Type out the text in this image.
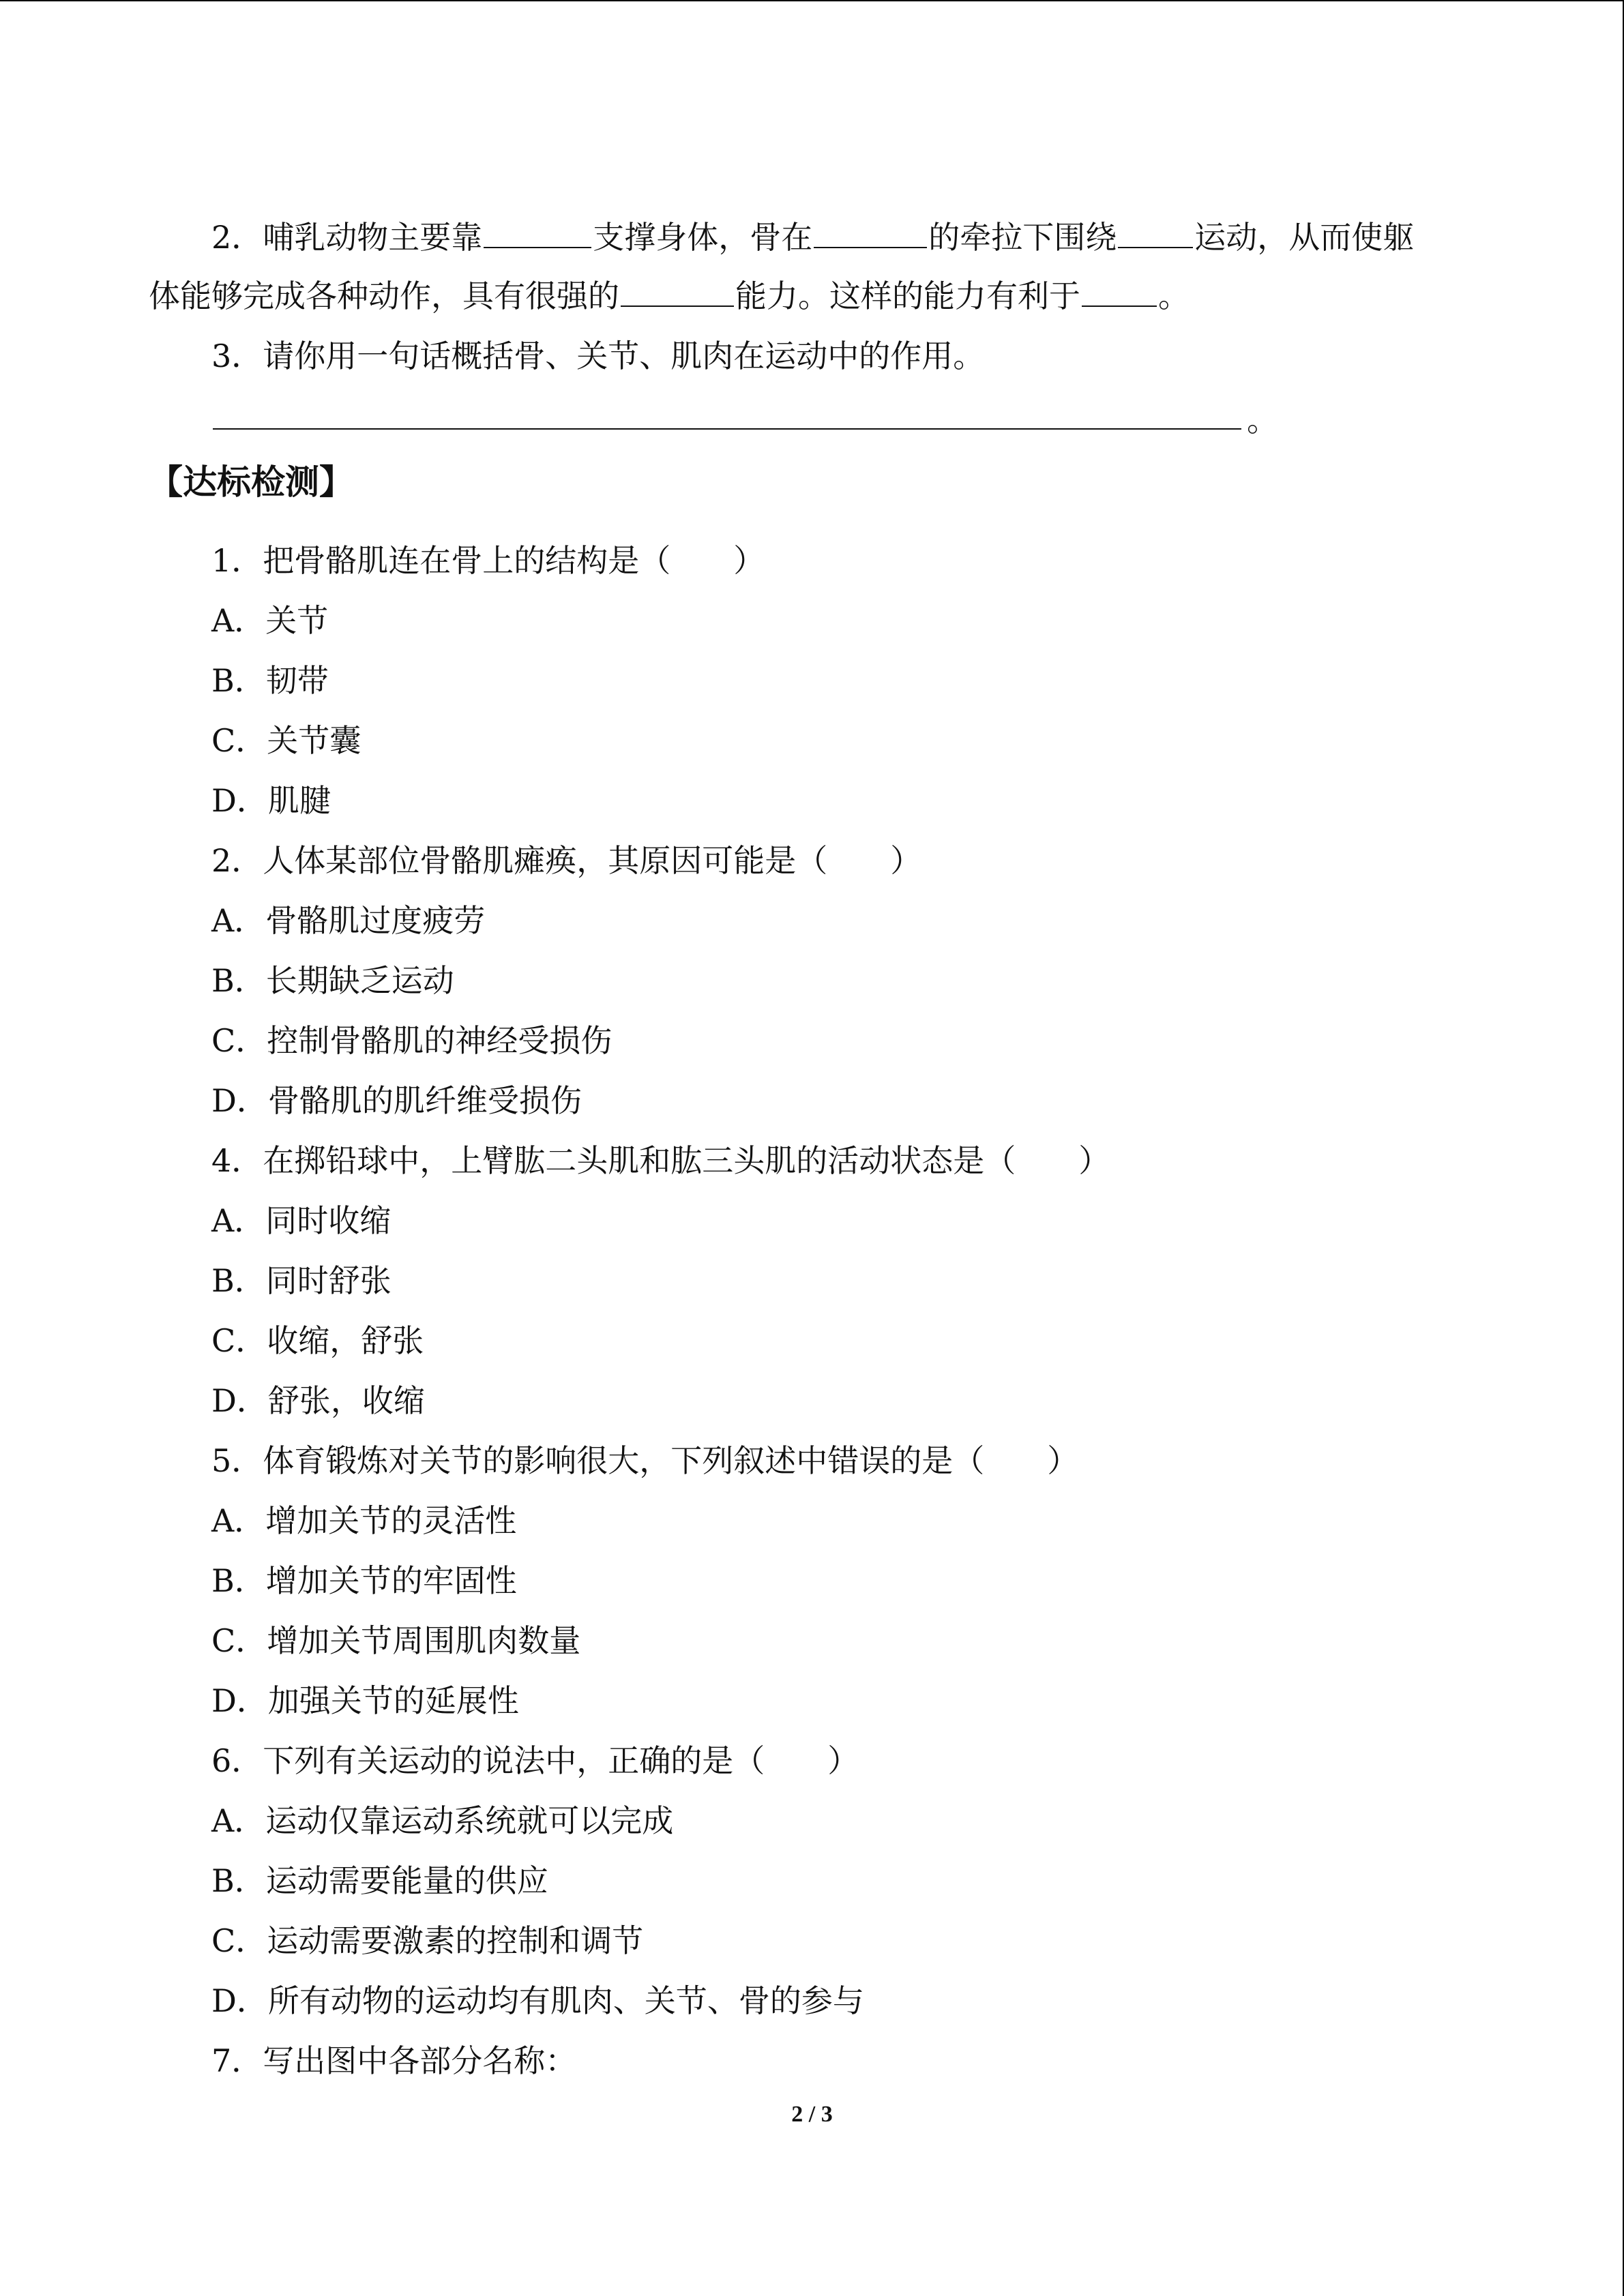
2．哺乳动物主要靠	支撑身体，骨在	的牵拉下围绕 运动，从而使躯
体能够完成各种动作，具有很强的	能力。这样的能力有利于 。
3．请你用一句话概括骨、关节、肌肉在运动中的作用。
。
【达标检测】
1．把骨骼肌连在骨上的结构是（　　）
A．关节
B．韧带
C．关节囊
D．肌腱
2．人体某部位骨骼肌瘫痪，其原因可能是（　　）
A．骨骼肌过度疲劳
B．长期缺乏运动
C．控制骨骼肌的神经受损伤
D．骨骼肌的肌纤维受损伤
4．在掷铅球中，上臂肱二头肌和肱三头肌的活动状态是（　　）
A．同时收缩
B．同时舒张
C．收缩，舒张
D．舒张，收缩
5．体育锻炼对关节的影响很大，下列叙述中错误的是（　　）
A．增加关节的灵活性
B．增加关节的牢固性
C．增加关节周围肌肉数量
D．加强关节的延展性
6．下列有关运动的说法中，正确的是（　　）
A．运动仅靠运动系统就可以完成
B．运动需要能量的供应
C．运动需要激素的控制和调节
D．所有动物的运动均有肌肉、关节、骨的参与
7．写出图中各部分名称：
2 / 3
